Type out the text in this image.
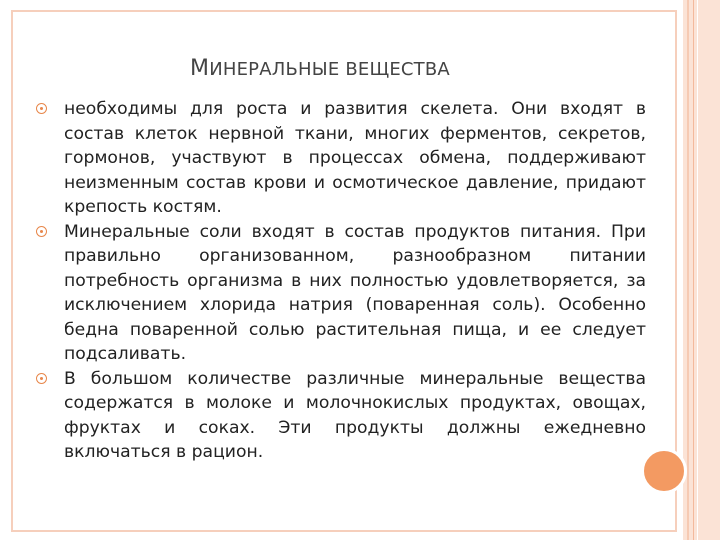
МИНЕРАЛЬНЫЕ ВЕЩЕСТВА
необходимы для роста и развития скелета. Они входят в состав клеток нервной ткани, многих ферментов, секретов, гормонов, участвуют в процессах обмена, поддерживают неизменным состав крови и осмотическое давление, придают крепость костям.
Минеральные соли входят в состав продуктов питания. При правильно организованном, разнообразном питании потребность организма в них полностью удовлетворяется, за исключением хлорида натрия (поваренная соль). Особенно бедна поваренной солью растительная пища, и ее следует подсаливать.
В большом количестве различные минеральные вещества содержатся в молоке и молочнокислых продуктах, овощах, фруктах и соках. Эти продукты должны ежедневно включаться в рацион.
